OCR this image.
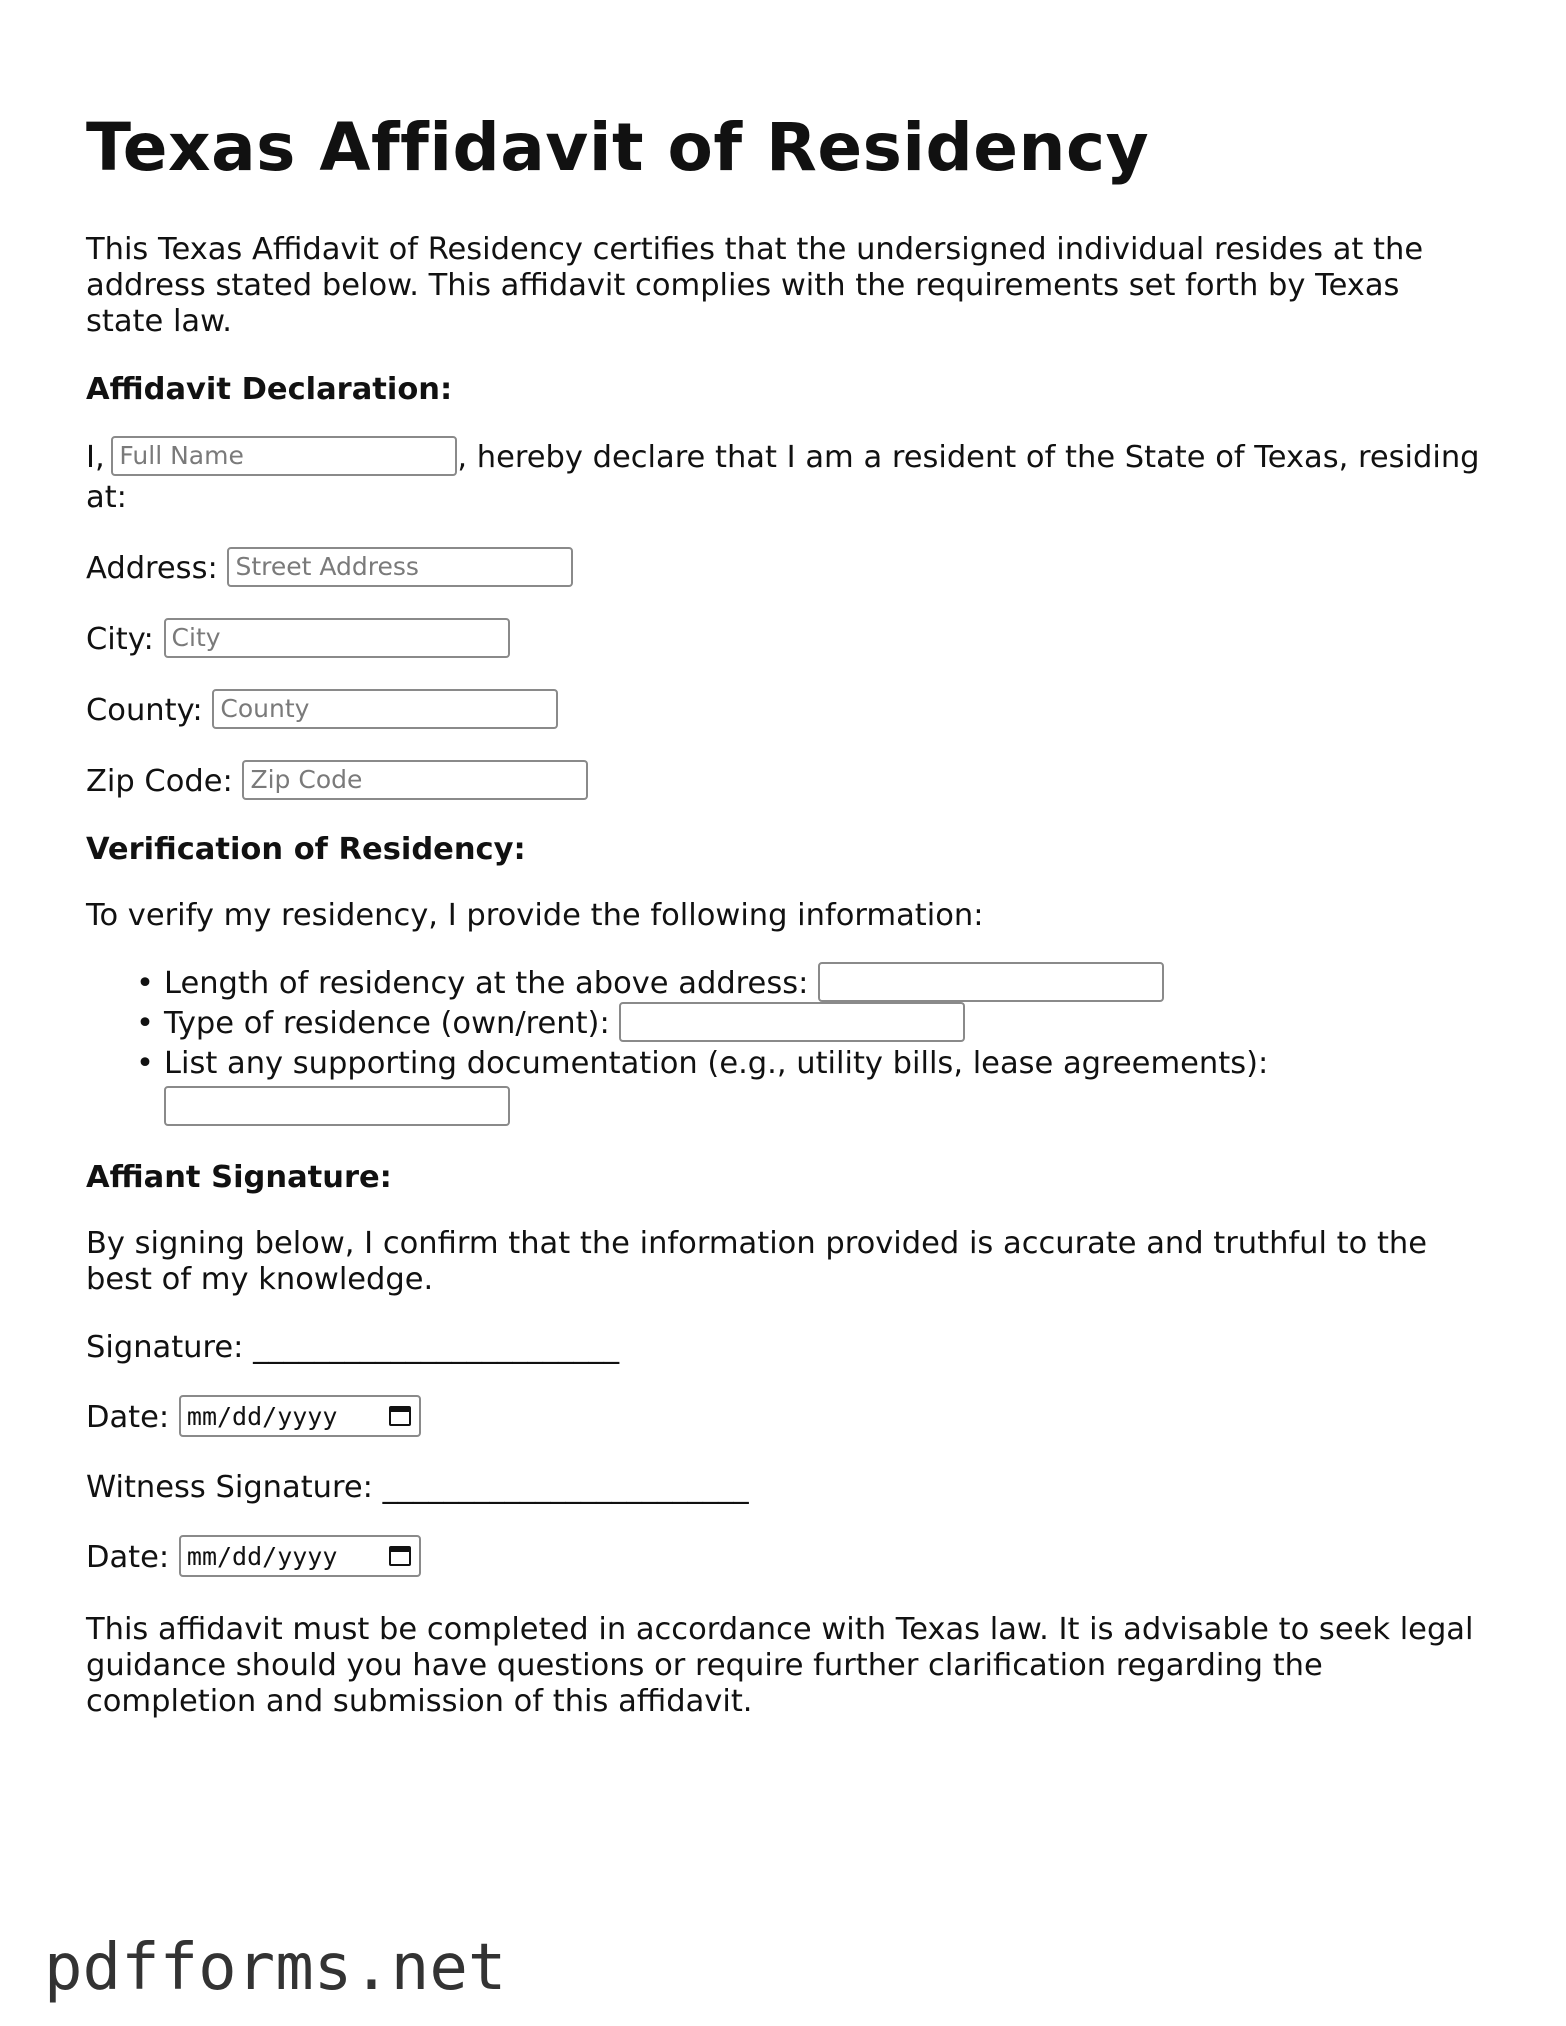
Texas Affidavit of Residency

This Texas Affidavit of Residency certifies that the undersigned individual resides at the address stated below. This affidavit complies with the requirements set forth by Texas state law.

Affidavit Declaration:
I, Full Name	, hereby declare that I am a resident of the State of Texas, residing at:
Address: Street Address
City: City
County: County
Zip Code: Zip Code
Verification of Residency:

To verify my residency, I provide the following information:

• Length of residency at the above address:
• Type of residence (own/rent):
• List any supporting documentation (e.g., utility bills, lease agreements):

Affiant Signature:

By signing below, I confirm that the information provided is accurate and truthful to the best of my knowledge.

Signature: ________________________
Date: mm/dd/yyyy
Witness Signature: ________________________
Date: mm/dd/yyyy

This affidavit must be completed in accordance with Texas law. It is advisable to seek legal guidance should you have questions or require further clarification regarding the completion and submission of this affidavit.

pdfforms.net
